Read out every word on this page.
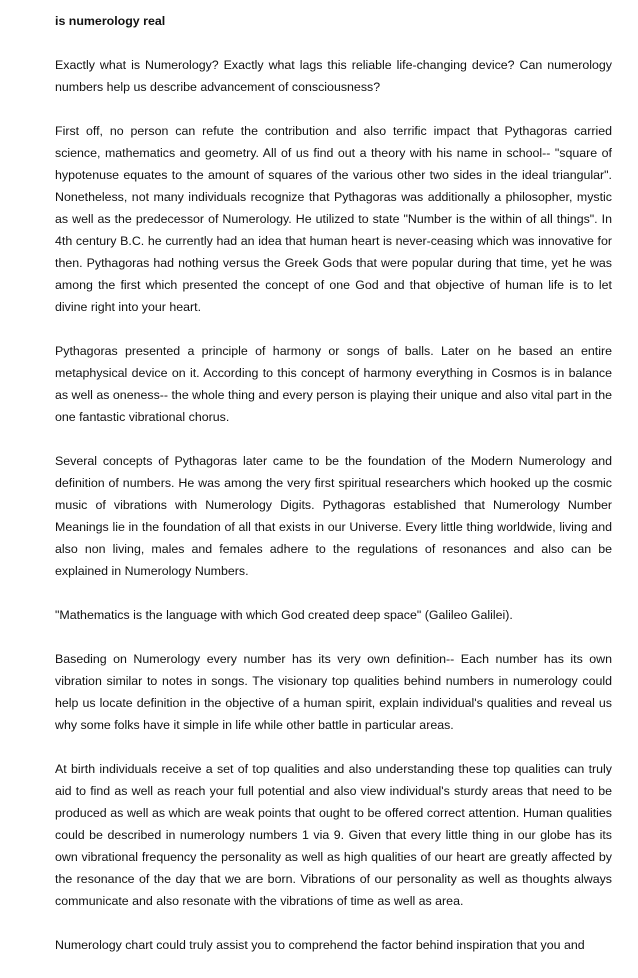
is numerology real

Exactly what is Numerology? Exactly what lags this reliable life-changing device? Can numerology numbers help us describe advancement of consciousness?

First off, no person can refute the contribution and also terrific impact that Pythagoras carried science, mathematics and geometry. All of us find out a theory with his name in school-- "square of hypotenuse equates to the amount of squares of the various other two sides in the ideal triangular". Nonetheless, not many individuals recognize that Pythagoras was additionally a philosopher, mystic as well as the predecessor of Numerology. He utilized to state "Number is the within of all things". In 4th century B.C. he currently had an idea that human heart is never-ceasing which was innovative for then. Pythagoras had nothing versus the Greek Gods that were popular during that time, yet he was among the first which presented the concept of one God and that objective of human life is to let divine right into your heart.

Pythagoras presented a principle of harmony or songs of balls. Later on he based an entire metaphysical device on it. According to this concept of harmony everything in Cosmos is in balance as well as oneness-- the whole thing and every person is playing their unique and also vital part in the one fantastic vibrational chorus.

Several concepts of Pythagoras later came to be the foundation of the Modern Numerology and definition of numbers. He was among the very first spiritual researchers which hooked up the cosmic music of vibrations with Numerology Digits. Pythagoras established that Numerology Number Meanings lie in the foundation of all that exists in our Universe. Every little thing worldwide, living and also non living, males and females adhere to the regulations of resonances and also can be explained in Numerology Numbers.

"Mathematics is the language with which God created deep space" (Galileo Galilei).

Baseding on Numerology every number has its very own definition-- Each number has its own vibration similar to notes in songs. The visionary top qualities behind numbers in numerology could help us locate definition in the objective of a human spirit, explain individual's qualities and reveal us why some folks have it simple in life while other battle in particular areas.

At birth individuals receive a set of top qualities and also understanding these top qualities can truly aid to find as well as reach your full potential and also view individual's sturdy areas that need to be produced as well as which are weak points that ought to be offered correct attention. Human qualities could be described in numerology numbers 1 via 9. Given that every little thing in our globe has its own vibrational frequency the personality as well as high qualities of our heart are greatly affected by the resonance of the day that we are born. Vibrations of our personality as well as thoughts always communicate and also resonate with the vibrations of time as well as area.

Numerology chart could truly assist you to comprehend the factor behind inspiration that you and
